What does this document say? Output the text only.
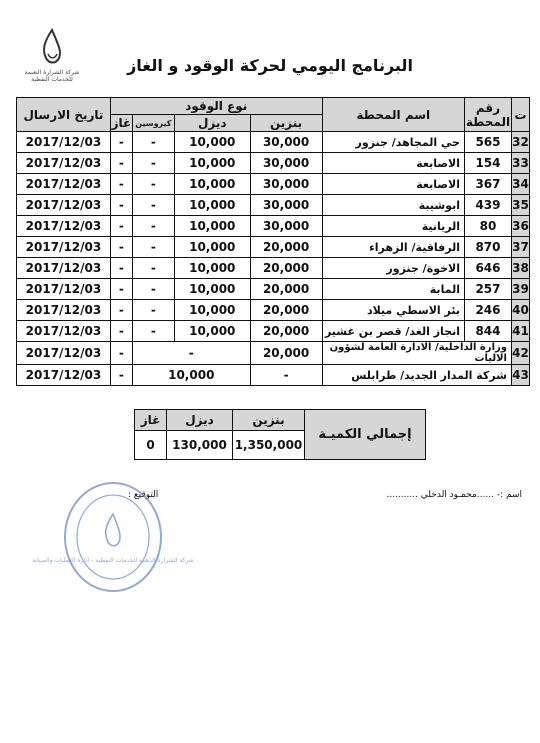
شركة الشرارة النعيمة للخدمات النفطية
البرنامج اليومي لحركة الوقود و الغاز
تاريخ الارسال	نوع الوقود				اسم المحطة	رقم المحطة	ت
	غاز	كيروسين	ديزل	بنزين			
2017/12/03	-	-	10,000	30,000	حي المجاهد/ جنزور	565	32
2017/12/03	-	-	10,000	30,000	الاصابعة	154	33
2017/12/03	-	-	10,000	30,000	الاصابعة	367	34
2017/12/03	-	-	10,000	30,000	ابوشيبة	439	35
2017/12/03	-	-	10,000	30,000	الريانية	80	36
2017/12/03	-	-	10,000	20,000	الرفاقية/ الزهراء	870	37
2017/12/03	-	-	10,000	20,000	الاخوة/ جنزور	646	38
2017/12/03	-	-	10,000	20,000	المابة	257	39
2017/12/03	-	-	10,000	20,000	بئر الاسطي ميلاد	246	40
2017/12/03	-	-	10,000	20,000	انجاز الغد/ قصر بن غشير	844	41
2017/12/03	-	-		20,000	وزارة الداخلية/ الادارة العامة لشؤون الاليات		42
2017/12/03	-	10,000		-	شركة المدار الجديد/ طرابلس		43
غاز	ديزل	بنزين	إجمالي الكميـة
0	130,000	1,350,000	
اسم :- ......محمـود الدخلي ...........
التوقيع :
شركة الشرارة الذهبية للخدمات النفطية - ادارة العمليات والصيانة
